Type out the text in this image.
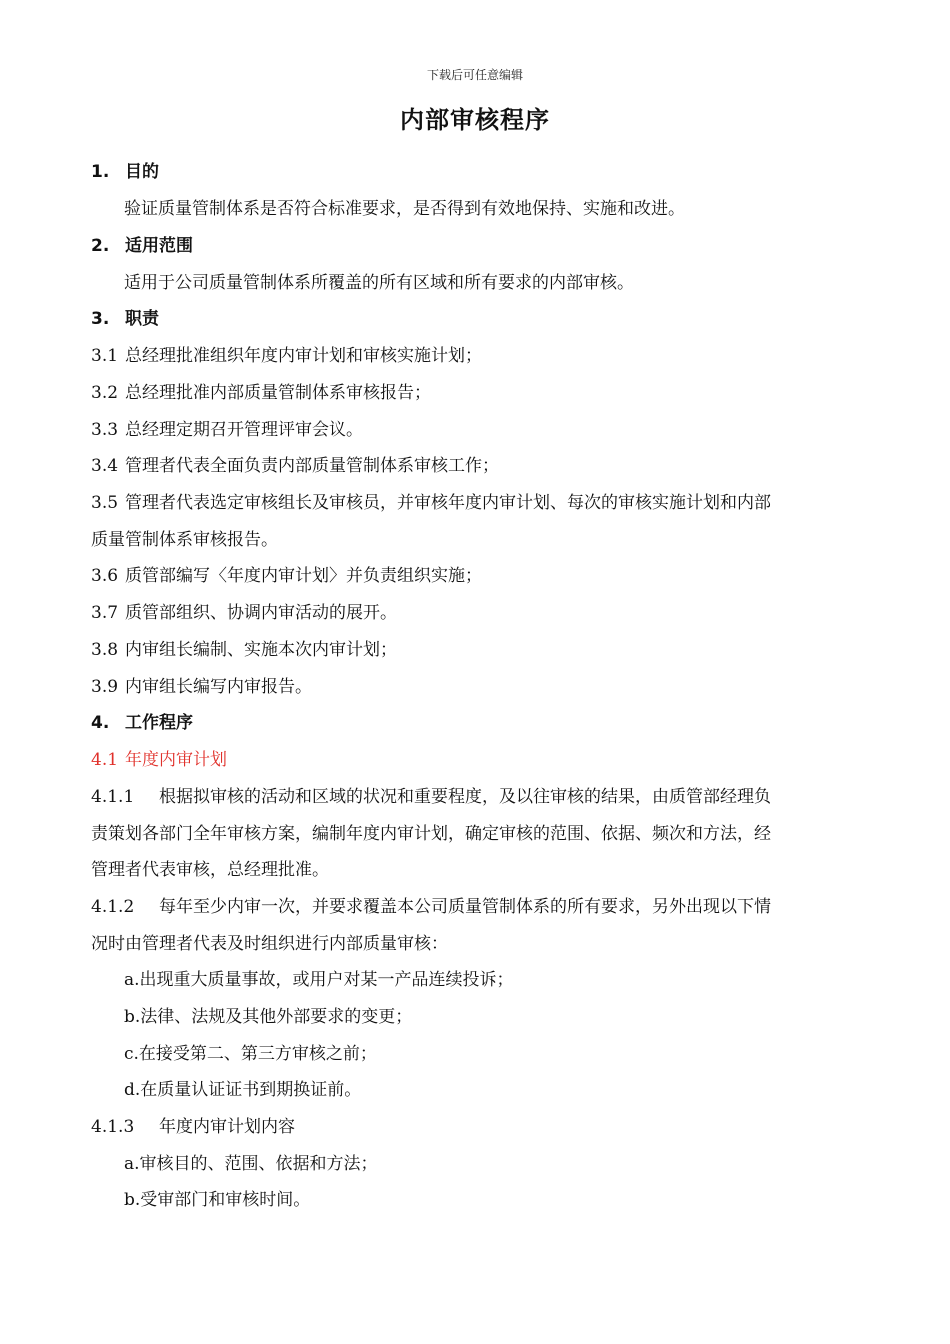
下载后可任意编辑
内部审核程序
1. 目的
验证质量管制体系是否符合标准要求，是否得到有效地保持、实施和改进。
2. 适用范围
适用于公司质量管制体系所覆盖的所有区域和所有要求的内部审核。
3. 职责
3.1 总经理批准组织年度内审计划和审核实施计划；
3.2 总经理批准内部质量管制体系审核报告；
3.3 总经理定期召开管理评审会议。
3.4 管理者代表全面负责内部质量管制体系审核工作；
3.5 管理者代表选定审核组长及审核员，并审核年度内审计划、每次的审核实施计划和内部
质量管制体系审核报告。
3.6 质管部编写〈年度内审计划〉并负责组织实施；
3.7 质管部组织、协调内审活动的展开。
3.8 内审组长编制、实施本次内审计划；
3.9 内审组长编写内审报告。
4. 工作程序
4.1 年度内审计划
4.1.1 根据拟审核的活动和区域的状况和重要程度，及以往审核的结果，由质管部经理负
责策划各部门全年审核方案，编制年度内审计划，确定审核的范围、依据、频次和方法，经
管理者代表审核，总经理批准。
4.1.2 每年至少内审一次，并要求覆盖本公司质量管制体系的所有要求，另外出现以下情
况时由管理者代表及时组织进行内部质量审核：
a.出现重大质量事故，或用户对某一产品连续投诉；
b.法律、法规及其他外部要求的变更；
c.在接受第二、第三方审核之前；
d.在质量认证证书到期换证前。
4.1.3 年度内审计划内容
a.审核目的、范围、依据和方法；
b.受审部门和审核时间。
